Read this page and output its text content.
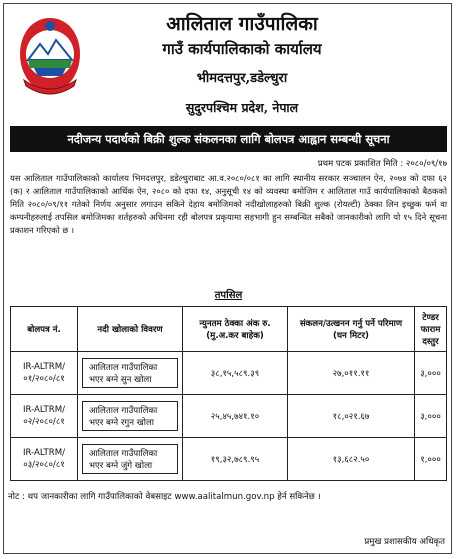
आलिताल गाउँपालिका
गाउँ कार्यपालिकाको कार्यालय
भीमदत्तपुर,डडेल्धुरा
सुदुरपश्चिम प्रदेश, नेपाल
नदीजन्य पदार्थको बिक्री शुल्क संकलनका लागि बोलपत्र आह्वान सम्बन्धी सूचना
प्रथम पटक प्रकाशित मिति : २०८०/०९/१७
यस आलिताल गाउँपालिकाको कार्यालय भिमदत्तपुर, डडेल्धुराबाट आ.व.२०८०/०८१ का लागि स्थानीय सरकार सञ्चालन ऐन, २०७४ को दफा ६२ (क) र आलिताल गाउँपालिकाको आर्थिक ऐन, २०८० को दफा १४, अनुसूची १४ को व्यवस्था बमोजिम र आलिताल गाउँ कार्यपालिकाको बैठकको मिति २०८०/०९/११ गतेको निर्णय अनुसार लगाउन सकिने देहाय बमोजिमको नदीखोलाहरुको बिक्री शुल्क (रोयल्टी) ठेक्का लिन इच्छुक फर्म वा कम्पनीहरुलाई तपसिल बमोजिमका शर्तहरुको अधिनमा रही बोलपत्र प्रकृयामा सहभागी हुन सम्बन्धित सबैको जानकारीको लागि यो १५ दिने सूचना प्रकाशन गरिएको छ ।
तपसिल
बोलपत्र नं.	नदी खोलाको विवरण	न्युनतम ठेक्का अंक रु. (मु.अ.कर बाहेक)	संकलन/उत्खनन गर्नु पर्ने परिमाण (घन मिटर)	टेण्डर फाराम दस्तुर
IR-ALTRM/ ०१/२०८०/८१	आलिताल गाउँपालिका भएर बग्ने सुन खोला	३८,१५,५८९.३९	२७,०११.११	३,०००
IR-ALTRM/ ०२/२०८०/८१	आलिताल गाउँपालिका भएर बग्ने रगुन खोला	२५,४५,७४१.१०	१८,०२१.६७	३,०००
IR-ALTRM/ ०३/२०८०/८१	आलिताल गाउँपालिका भएर बग्ने जुंगे खोला	१९,३२,७८९.९५	१३,६८२.५०	१,०००
नोट : थप जानकारीका लागि गाउँपालिकाको वेबसाइट www.aalitalmun.gov.np हेर्न सकिनेछ ।
प्रमुख प्रशासकीय अधिकृत
